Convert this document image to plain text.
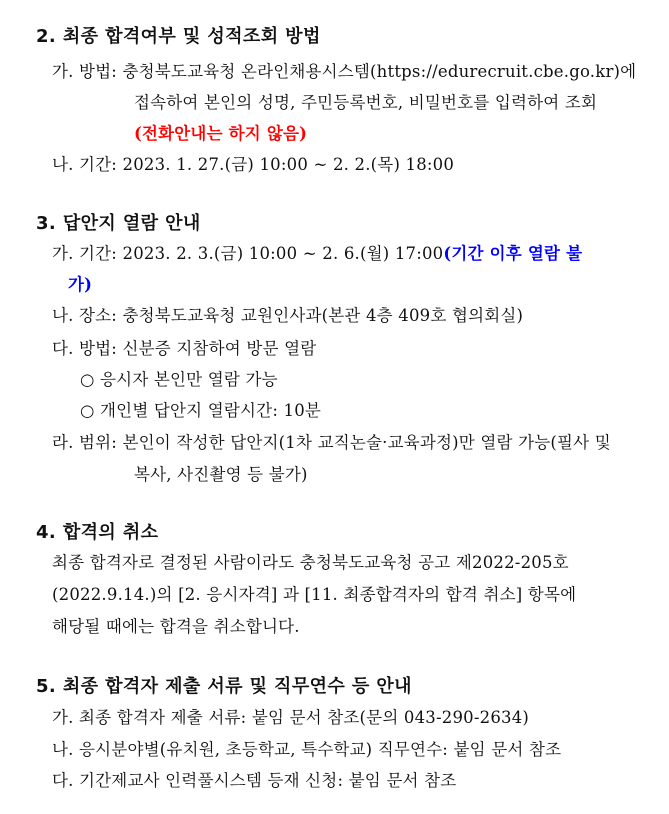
2. 최종 합격여부 및 성적조회 방법
가. 방법: 충청북도교육청 온라인채용시스템(https://edurecruit.cbe.go.kr)에
접속하여 본인의 성명, 주민등록번호, 비밀번호를 입력하여 조회
(전화안내는 하지 않음)
나. 기간: 2023. 1. 27.(금) 10:00 ~ 2. 2.(목) 18:00
3. 답안지 열람 안내
가. 기간: 2023. 2. 3.(금) 10:00 ~ 2. 6.(월) 17:00(기간 이후 열람 불
가)
나. 장소: 충청북도교육청 교원인사과(본관 4층 409호 협의회실)
다. 방법: 신분증 지참하여 방문 열람
○ 응시자 본인만 열람 가능
○ 개인별 답안지 열람시간: 10분
라. 범위: 본인이 작성한 답안지(1차 교직논술·교육과정)만 열람 가능(필사 및
복사, 사진촬영 등 불가)
4. 합격의 취소
최종 합격자로 결정된 사람이라도 충청북도교육청 공고 제2022-205호
(2022.9.14.)의 [2. 응시자격] 과 [11. 최종합격자의 합격 취소] 항목에
해당될 때에는 합격을 취소합니다.
5. 최종 합격자 제출 서류 및 직무연수 등 안내
가. 최종 합격자 제출 서류: 붙임 문서 참조(문의 043-290-2634)
나. 응시분야별(유치원, 초등학교, 특수학교) 직무연수: 붙임 문서 참조
다. 기간제교사 인력풀시스템 등재 신청: 붙임 문서 참조
